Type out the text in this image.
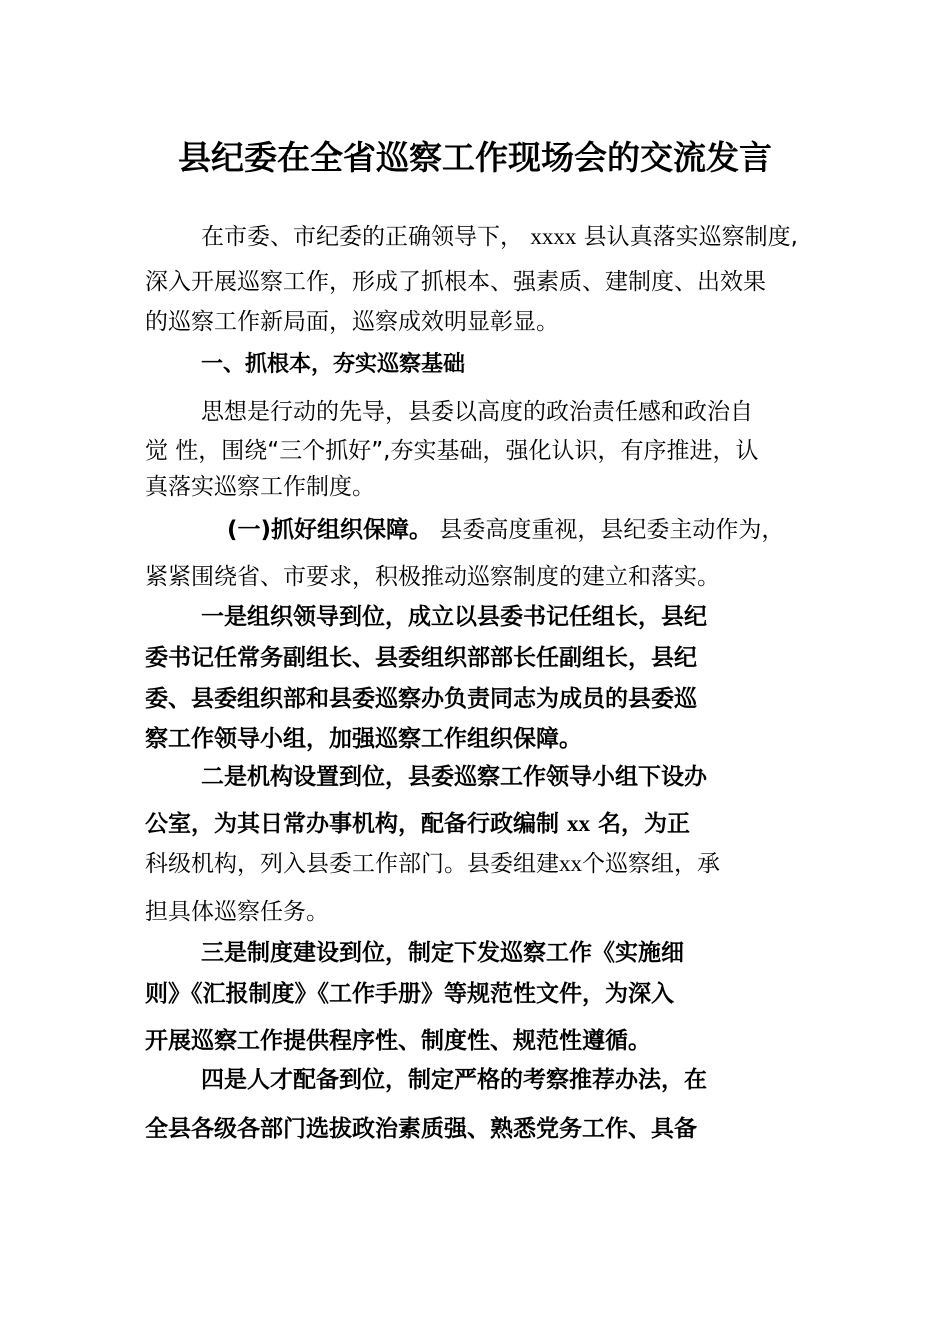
县纪委在全省巡察工作现场会的交流发言
在市委、市纪委的正确领导下， xxxx 县认真落实巡察制度,
深入开展巡察工作，形成了抓根本、强素质、建制度、出效果
的巡察工作新局面，巡察成效明显彰显。
一、抓根本，夯实巡察基础
思想是行动的先导，县委以高度的政治责任感和政治自
觉 性，围绕“三个抓好”,夯实基础，强化认识，有序推进，认
真落实巡察工作制度。
(一)抓好组织保障。 县委高度重视，县纪委主动作为，
紧紧围绕省、市要求，积极推动巡察制度的建立和落实。
一是组织领导到位，成立以县委书记任组长，县纪
委书记任常务副组长、县委组织部部长任副组长，县纪
委、县委组织部和县委巡察办负责同志为成员的县委巡
察工作领导小组，加强巡察工作组织保障。
二是机构设置到位，县委巡察工作领导小组下设办
公室，为其日常办事机构，配备行政编制 xx 名，为正
科级机构，列入县委工作部门。县委组建xx个巡察组，承
担具体巡察任务。
三是制度建设到位，制定下发巡察工作《实施细
则》《汇报制度》《工作手册》等规范性文件，为深入
开展巡察工作提供程序性、制度性、规范性遵循。
四是人才配备到位，制定严格的考察推荐办法，在
全县各级各部门选拔政治素质强、熟悉党务工作、具备
